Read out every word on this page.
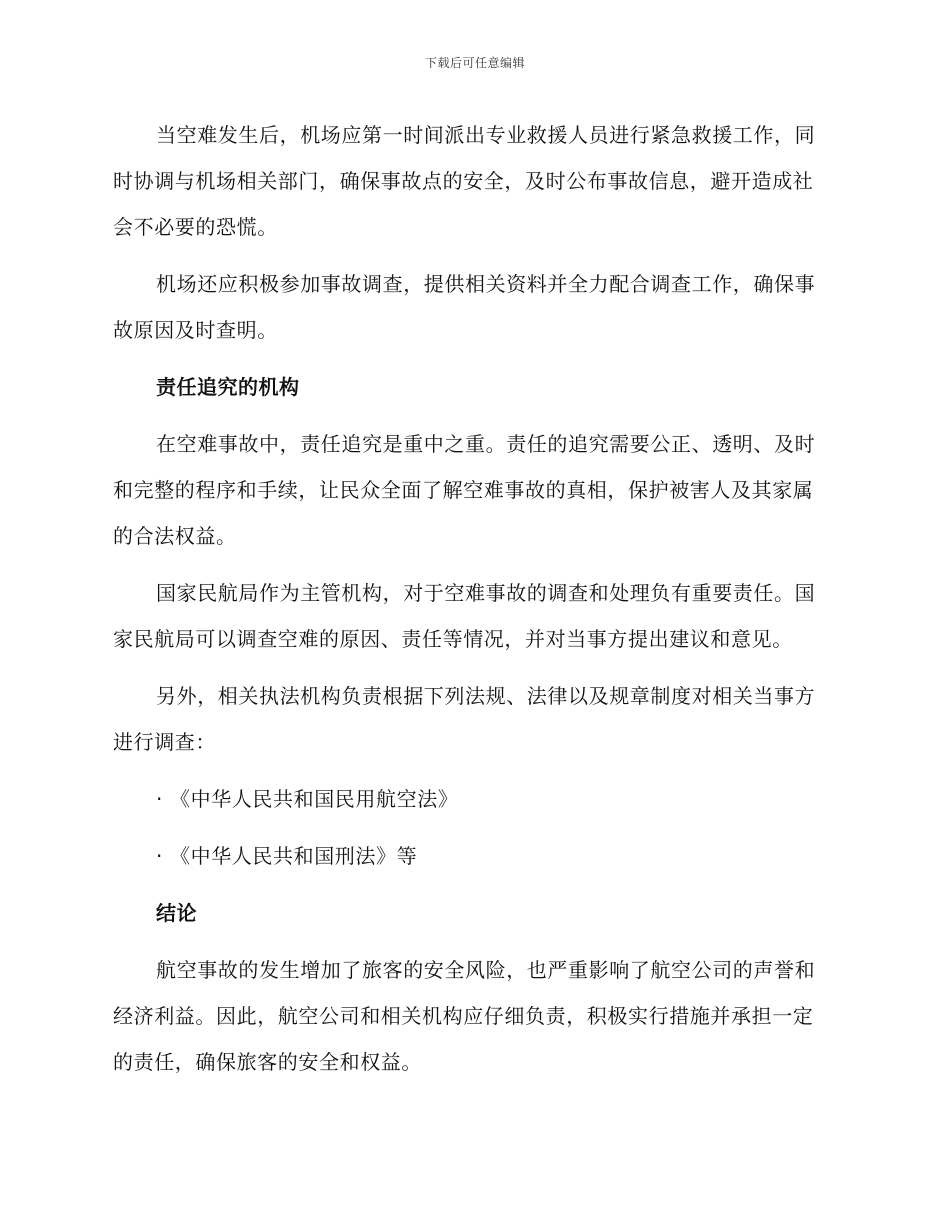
下载后可任意编辑

当空难发生后，机场应第一时间派出专业救援人员进行紧急救援工作，同时协调与机场相关部门，确保事故点的安全，及时公布事故信息，避开造成社会不必要的恐慌。

机场还应积极参加事故调查，提供相关资料并全力配合调查工作，确保事故原因及时查明。

责任追究的机构

在空难事故中，责任追究是重中之重。责任的追究需要公正、透明、及时和完整的程序和手续，让民众全面了解空难事故的真相，保护被害人及其家属的合法权益。

国家民航局作为主管机构，对于空难事故的调查和处理负有重要责任。国家民航局可以调查空难的原因、责任等情况，并对当事方提出建议和意见。

另外，相关执法机构负责根据下列法规、法律以及规章制度对相关当事方进行调查：

· 《中华人民共和国民用航空法》
· 《中华人民共和国刑法》等
结论

航空事故的发生增加了旅客的安全风险，也严重影响了航空公司的声誉和经济利益。因此，航空公司和相关机构应仔细负责，积极实行措施并承担一定的责任，确保旅客的安全和权益。
